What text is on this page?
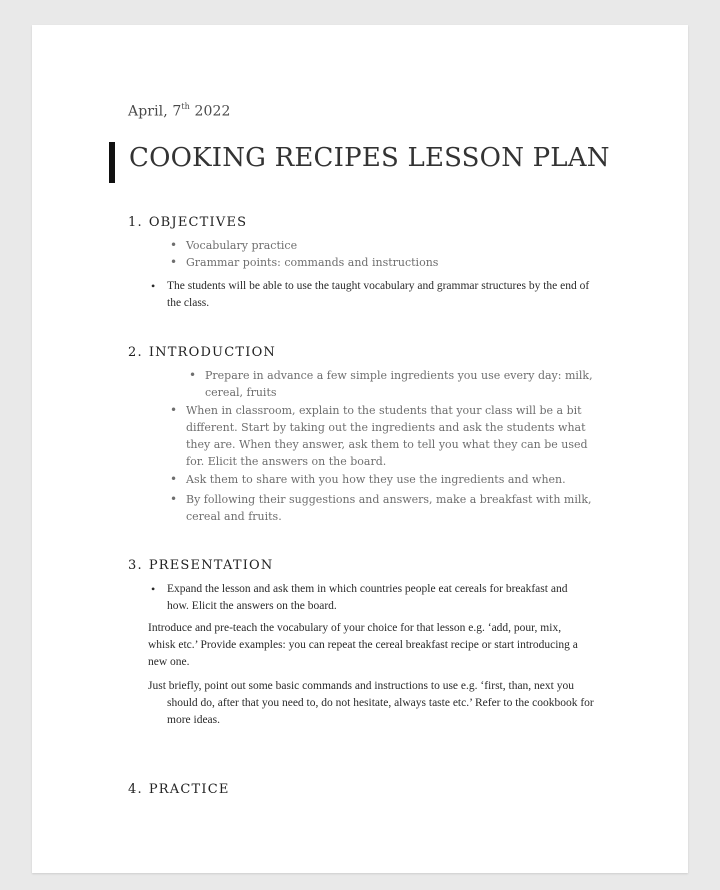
April, 7th 2022
COOKING RECIPES LESSON PLAN
1. OBJECTIVES
• Vocabulary practice
• Grammar points: commands and instructions
• The students will be able to use the taught vocabulary and grammar structures by the end of the class.
2. INTRODUCTION
• Prepare in advance a few simple ingredients you use every day: milk, cereal, fruits
• When in classroom, explain to the students that your class will be a bit different. Start by taking out the ingredients and ask the students what they are. When they answer, ask them to tell you what they can be used for. Elicit the answers on the board.
• Ask them to share with you how they use the ingredients and when.
• By following their suggestions and answers, make a breakfast with milk, cereal and fruits.
3. PRESENTATION
• Expand the lesson and ask them in which countries people eat cereals for breakfast and how. Elicit the answers on the board.
Introduce and pre-teach the vocabulary of your choice for that lesson e.g. ‘add, pour, mix, whisk etc.’ Provide examples: you can repeat the cereal breakfast recipe or start introducing a new one.
Just briefly, point out some basic commands and instructions to use e.g. ‘first, than, next you should do, after that you need to, do not hesitate, always taste etc.’ Refer to the cookbook for more ideas.
4. PRACTICE
